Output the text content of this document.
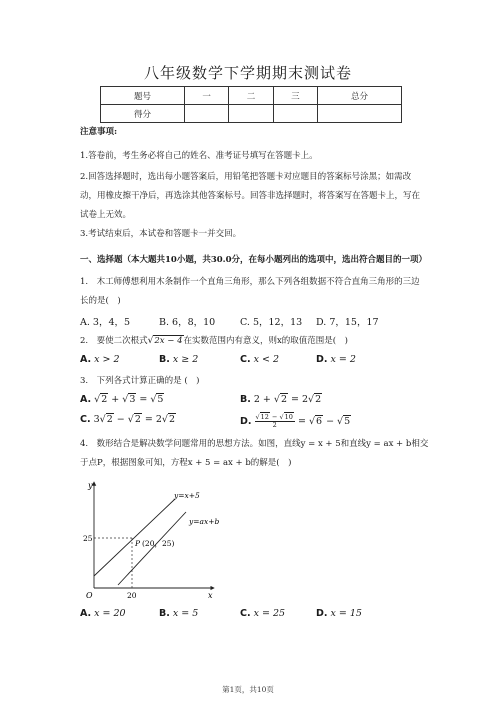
八年级数学下学期期末测试卷
题号	一	二	三	总分
得分				
注意事项:
1.答卷前，考生务必将自己的姓名、准考证号填写在答题卡上。
2.回答选择题时，选出每小题答案后，用铅笔把答题卡对应题目的答案标号涂黑；如需改动，用橡皮擦干净后，再选涂其他答案标号。回答非选择题时，将答案写在答题卡上，写在试卷上无效。
3.考试结束后，本试卷和答题卡一并交回。
一、选择题（本大题共10小题，共30.0分，在每小题列出的选项中，选出符合题目的一项）
1.　木工师傅想利用木条制作一个直角三角形，那么下列各组数据不符合直角三角形的三边长的是(　)
A. 3，4，5	B. 6，8，10	C. 5，12，13 D. 7，15，17
2.　要使二次根式√2x − 4在实数范围内有意义，则x的取值范围是(　)
A. x > 2	B. x ≥ 2	C. x < 2	D. x = 2
3.　下列各式计算正确的是 (　)
A. √2 + √3 = √5	B. 2 + √2 = 2√2
C. 3√2 − √2 = 2√2	D. $\frac{√12 - √10}{2} = √6 - √5$
4.　数形结合是解决数学问题常用的思想方法。如图，直线y = x + 5和直线y = ax + b相交
于点P，根据图象可知，方程x + 5 = ax + b的解是(　)
y
x
O
25
20
y=x+5
y=ax+b
P (20，25)
A. x = 20	B. x = 5	C. x = 25	D. x = 15
第1页，共10页
